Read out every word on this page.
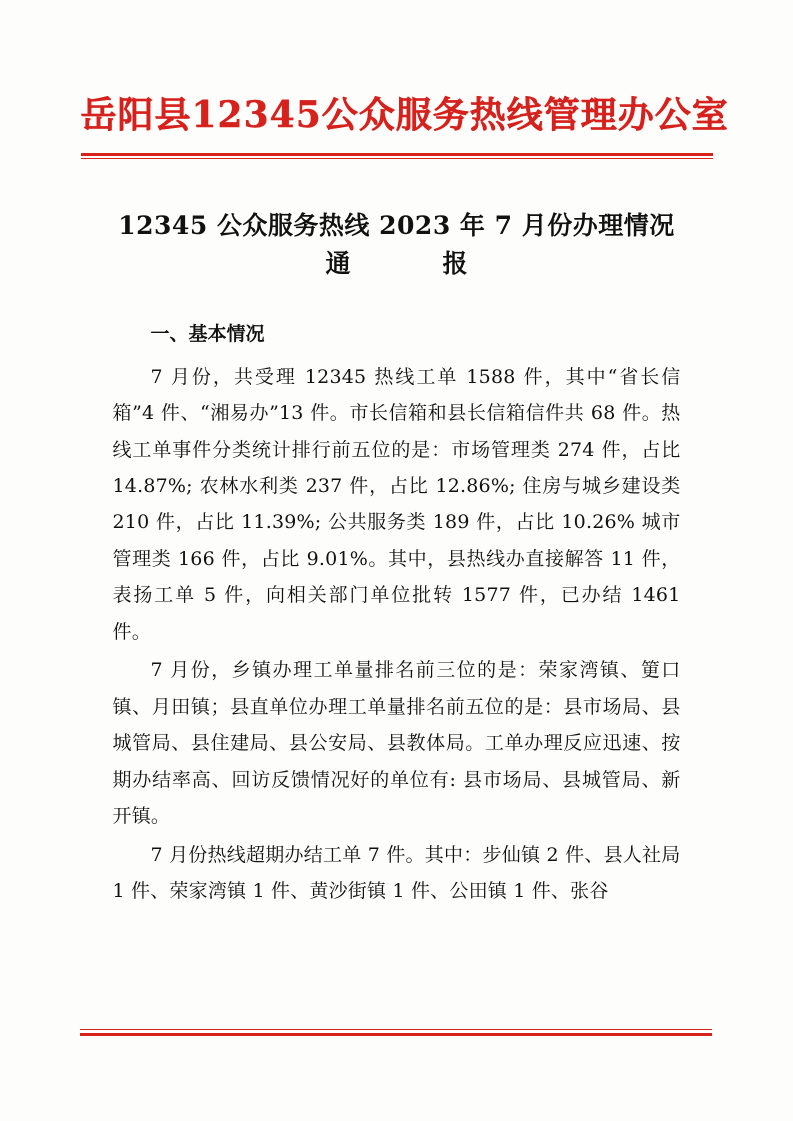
岳阳县12345公众服务热线管理办公室
12345 公众服务热线 2023 年 7 月份办理情况
通　　报
一、基本情况

7 月份，共受理 12345 热线工单 1588 件，其中“省长信箱”4 件、“湘易办”13 件。市长信箱和县长信箱信件共 68 件。热线工单事件分类统计排行前五位的是：市场管理类 274 件，占比 14.87%; 农林水利类 237 件，占比 12.86%; 住房与城乡建设类 210 件，占比 11.39%; 公共服务类 189 件，占比 10.26% 城市管理类 166 件，占比 9.01%。其中，县热线办直接解答 11 件，表扬工单 5 件，向相关部门单位批转 1577 件，已办结 1461 件。

7 月份，乡镇办理工单量排名前三位的是：荣家湾镇、筻口镇、月田镇；县直单位办理工单量排名前五位的是：县市场局、县城管局、县住建局、县公安局、县教体局。工单办理反应迅速、按期办结率高、回访反馈情况好的单位有: 县市场局、县城管局、新开镇。

7 月份热线超期办结工单 7 件。其中：步仙镇 2 件、县人社局 1 件、荣家湾镇 1 件、黄沙街镇 1 件、公田镇 1 件、张谷
